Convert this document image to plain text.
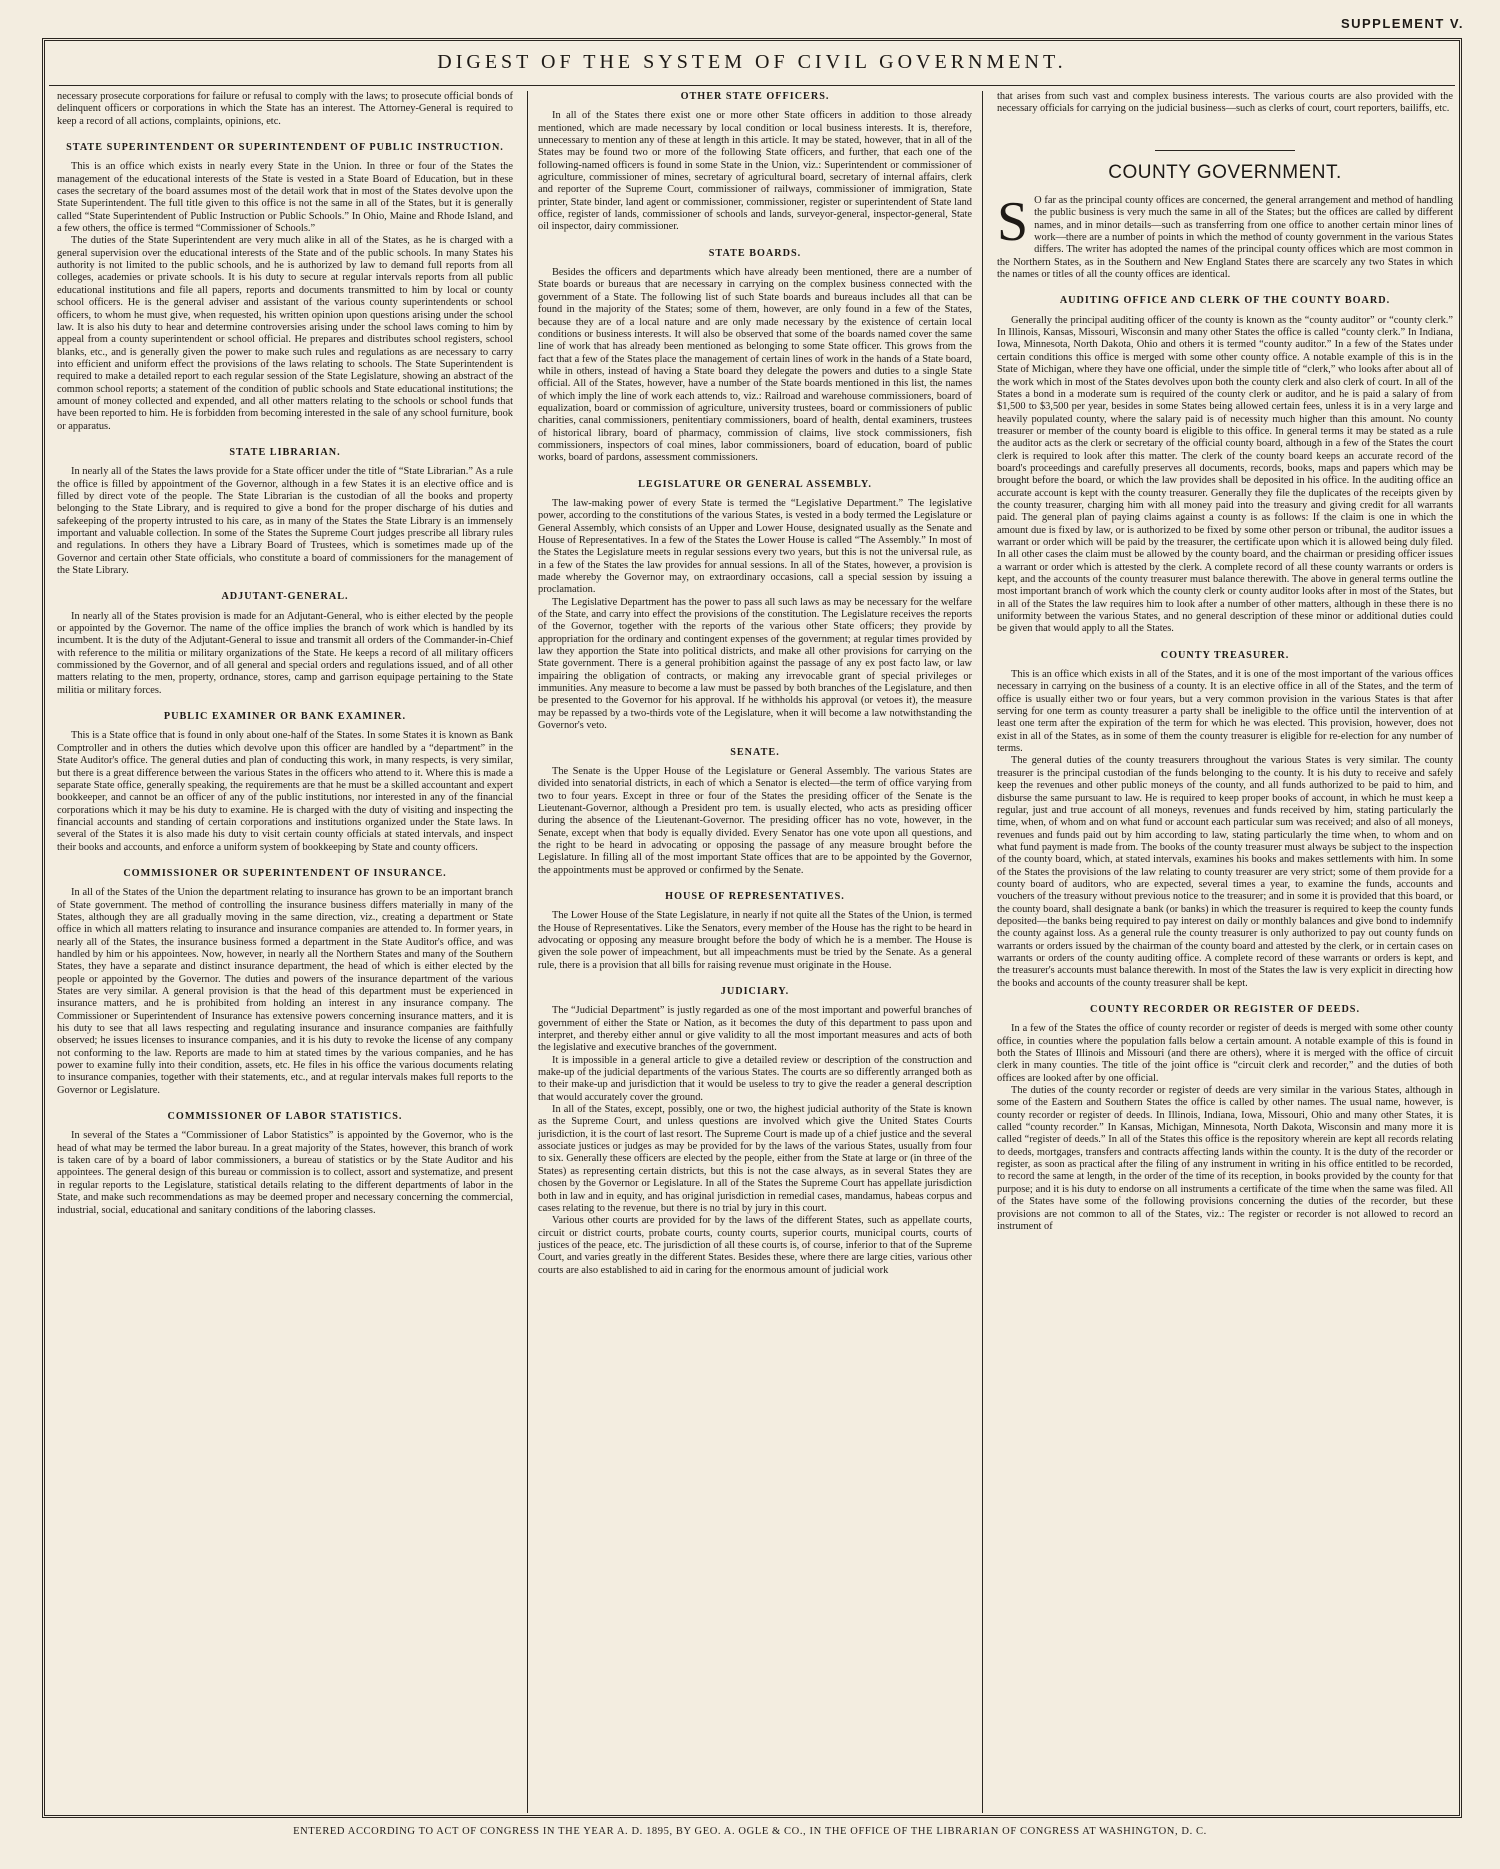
SUPPLEMENT V.
DIGEST OF THE SYSTEM OF CIVIL GOVERNMENT.

necessary prosecute corporations for failure or refusal to comply with the laws; to prosecute official bonds of delinquent officers or corporations in which the State has an interest. The Attorney-General is required to keep a record of all actions, complaints, opinions, etc.

STATE SUPERINTENDENT OR SUPERINTENDENT OF PUBLIC INSTRUCTION.

This is an office which exists in nearly every State in the Union. In three or four of the States the management of the educational interests of the State is vested in a State Board of Education, but in these cases the secretary of the board assumes most of the detail work that in most of the States devolve upon the State Superintendent. The full title given to this office is not the same in all of the States, but it is generally called “State Superintendent of Public Instruction or Public Schools.” In Ohio, Maine and Rhode Island, and a few others, the office is termed “Commissioner of Schools.”

The duties of the State Superintendent are very much alike in all of the States, as he is charged with a general supervision over the educational interests of the State and of the public schools. In many States his authority is not limited to the public schools, and he is authorized by law to demand full reports from all colleges, academies or private schools. It is his duty to secure at regular intervals reports from all public educational institutions and file all papers, reports and documents transmitted to him by local or county school officers. He is the general adviser and assistant of the various county superintendents or school officers, to whom he must give, when requested, his written opinion upon questions arising under the school law. It is also his duty to hear and determine controversies arising under the school laws coming to him by appeal from a county superintendent or school official. He prepares and distributes school registers, school blanks, etc., and is generally given the power to make such rules and regulations as are necessary to carry into efficient and uniform effect the provisions of the laws relating to schools. The State Superintendent is required to make a detailed report to each regular session of the State Legislature, showing an abstract of the common school reports; a statement of the condition of public schools and State educational institutions; the amount of money collected and expended, and all other matters relating to the schools or school funds that have been reported to him. He is forbidden from becoming interested in the sale of any school furniture, book or apparatus.

STATE LIBRARIAN.

In nearly all of the States the laws provide for a State officer under the title of “State Librarian.” As a rule the office is filled by appointment of the Governor, although in a few States it is an elective office and is filled by direct vote of the people. The State Librarian is the custodian of all the books and property belonging to the State Library, and is required to give a bond for the proper discharge of his duties and safekeeping of the property intrusted to his care, as in many of the States the State Library is an immensely important and valuable collection. In some of the States the Supreme Court judges prescribe all library rules and regulations. In others they have a Library Board of Trustees, which is sometimes made up of the Governor and certain other State officials, who constitute a board of commissioners for the management of the State Library.

ADJUTANT-GENERAL.

In nearly all of the States provision is made for an Adjutant-General, who is either elected by the people or appointed by the Governor. The name of the office implies the branch of work which is handled by its incumbent. It is the duty of the Adjutant-General to issue and transmit all orders of the Commander-in-Chief with reference to the militia or military organizations of the State. He keeps a record of all military officers commissioned by the Governor, and of all general and special orders and regulations issued, and of all other matters relating to the men, property, ordnance, stores, camp and garrison equipage pertaining to the State militia or military forces.

PUBLIC EXAMINER OR BANK EXAMINER.

This is a State office that is found in only about one-half of the States. In some States it is known as Bank Comptroller and in others the duties which devolve upon this officer are handled by a “department” in the State Auditor's office. The general duties and plan of conducting this work, in many respects, is very similar, but there is a great difference between the various States in the officers who attend to it. Where this is made a separate State office, generally speaking, the requirements are that he must be a skilled accountant and expert bookkeeper, and cannot be an officer of any of the public institutions, nor interested in any of the financial corporations which it may be his duty to examine. He is charged with the duty of visiting and inspecting the financial accounts and standing of certain corporations and institutions organized under the State laws. In several of the States it is also made his duty to visit certain county officials at stated intervals, and inspect their books and accounts, and enforce a uniform system of bookkeeping by State and county officers.

COMMISSIONER OR SUPERINTENDENT OF INSURANCE.

In all of the States of the Union the department relating to insurance has grown to be an important branch of State government. The method of controlling the insurance business differs materially in many of the States, although they are all gradually moving in the same direction, viz., creating a department or State office in which all matters relating to insurance and insurance companies are attended to. In former years, in nearly all of the States, the insurance business formed a department in the State Auditor's office, and was handled by him or his appointees. Now, however, in nearly all the Northern States and many of the Southern States, they have a separate and distinct insurance department, the head of which is either elected by the people or appointed by the Governor. The duties and powers of the insurance department of the various States are very similar. A general provision is that the head of this department must be experienced in insurance matters, and he is prohibited from holding an interest in any insurance company. The Commissioner or Superintendent of Insurance has extensive powers concerning insurance matters, and it is his duty to see that all laws respecting and regulating insurance and insurance companies are faithfully observed; he issues licenses to insurance companies, and it is his duty to revoke the license of any company not conforming to the law. Reports are made to him at stated times by the various companies, and he has power to examine fully into their condition, assets, etc. He files in his office the various documents relating to insurance companies, together with their statements, etc., and at regular intervals makes full reports to the Governor or Legislature.

COMMISSIONER OF LABOR STATISTICS.

In several of the States a “Commissioner of Labor Statistics” is appointed by the Governor, who is the head of what may be termed the labor bureau. In a great majority of the States, however, this branch of work is taken care of by a board of labor commissioners, a bureau of statistics or by the State Auditor and his appointees. The general design of this bureau or commission is to collect, assort and systematize, and present in regular reports to the Legislature, statistical details relating to the different departments of labor in the State, and make such recommendations as may be deemed proper and necessary concerning the commercial, industrial, social, educational and sanitary conditions of the laboring classes.

OTHER STATE OFFICERS.

In all of the States there exist one or more other State officers in addition to those already mentioned, which are made necessary by local condition or local business interests. It is, therefore, unnecessary to mention any of these at length in this article. It may be stated, however, that in all of the States may be found two or more of the following State officers, and further, that each one of the following-named officers is found in some State in the Union, viz.: Superintendent or commissioner of agriculture, commissioner of mines, secretary of agricultural board, secretary of internal affairs, clerk and reporter of the Supreme Court, commissioner of railways, commissioner of immigration, State printer, State binder, land agent or commissioner, commissioner, register or superintendent of State land office, register of lands, commissioner of schools and lands, surveyor-general, inspector-general, State oil inspector, dairy commissioner.

STATE BOARDS.

Besides the officers and departments which have already been mentioned, there are a number of State boards or bureaus that are necessary in carrying on the complex business connected with the government of a State. The following list of such State boards and bureaus includes all that can be found in the majority of the States; some of them, however, are only found in a few of the States, because they are of a local nature and are only made necessary by the existence of certain local conditions or business interests. It will also be observed that some of the boards named cover the same line of work that has already been mentioned as belonging to some State officer. This grows from the fact that a few of the States place the management of certain lines of work in the hands of a State board, while in others, instead of having a State board they delegate the powers and duties to a single State official. All of the States, however, have a number of the State boards mentioned in this list, the names of which imply the line of work each attends to, viz.: Railroad and warehouse commissioners, board of equalization, board or commission of agriculture, university trustees, board or commissioners of public charities, canal commissioners, penitentiary commissioners, board of health, dental examiners, trustees of historical library, board of pharmacy, commission of claims, live stock commissioners, fish commissioners, inspectors of coal mines, labor commissioners, board of education, board of public works, board of pardons, assessment commissioners.

LEGISLATURE OR GENERAL ASSEMBLY.

The law-making power of every State is termed the “Legislative Department.” The legislative power, according to the constitutions of the various States, is vested in a body termed the Legislature or General Assembly, which consists of an Upper and Lower House, designated usually as the Senate and House of Representatives. In a few of the States the Lower House is called “The Assembly.” In most of the States the Legislature meets in regular sessions every two years, but this is not the universal rule, as in a few of the States the law provides for annual sessions. In all of the States, however, a provision is made whereby the Governor may, on extraordinary occasions, call a special session by issuing a proclamation.

The Legislative Department has the power to pass all such laws as may be necessary for the welfare of the State, and carry into effect the provisions of the constitution. The Legislature receives the reports of the Governor, together with the reports of the various other State officers; they provide by appropriation for the ordinary and contingent expenses of the government; at regular times provided by law they apportion the State into political districts, and make all other provisions for carrying on the State government. There is a general prohibition against the passage of any ex post facto law, or law impairing the obligation of contracts, or making any irrevocable grant of special privileges or immunities. Any measure to become a law must be passed by both branches of the Legislature, and then be presented to the Governor for his approval. If he withholds his approval (or vetoes it), the measure may be repassed by a two-thirds vote of the Legislature, when it will become a law notwithstanding the Governor's veto.

SENATE.

The Senate is the Upper House of the Legislature or General Assembly. The various States are divided into senatorial districts, in each of which a Senator is elected—the term of office varying from two to four years. Except in three or four of the States the presiding officer of the Senate is the Lieutenant-Governor, although a President pro tem. is usually elected, who acts as presiding officer during the absence of the Lieutenant-Governor. The presiding officer has no vote, however, in the Senate, except when that body is equally divided. Every Senator has one vote upon all questions, and the right to be heard in advocating or opposing the passage of any measure brought before the Legislature. In filling all of the most important State offices that are to be appointed by the Governor, the appointments must be approved or confirmed by the Senate.

HOUSE OF REPRESENTATIVES.

The Lower House of the State Legislature, in nearly if not quite all the States of the Union, is termed the House of Representatives. Like the Senators, every member of the House has the right to be heard in advocating or opposing any measure brought before the body of which he is a member. The House is given the sole power of impeachment, but all impeachments must be tried by the Senate. As a general rule, there is a provision that all bills for raising revenue must originate in the House.

JUDICIARY.

The “Judicial Department” is justly regarded as one of the most important and powerful branches of government of either the State or Nation, as it becomes the duty of this department to pass upon and interpret, and thereby either annul or give validity to all the most important measures and acts of both the legislative and executive branches of the government.

It is impossible in a general article to give a detailed review or description of the construction and make-up of the judicial departments of the various States. The courts are so differently arranged both as to their make-up and jurisdiction that it would be useless to try to give the reader a general description that would accurately cover the ground.

In all of the States, except, possibly, one or two, the highest judicial authority of the State is known as the Supreme Court, and unless questions are involved which give the United States Courts jurisdiction, it is the court of last resort. The Supreme Court is made up of a chief justice and the several associate justices or judges as may be provided for by the laws of the various States, usually from four to six. Generally these officers are elected by the people, either from the State at large or (in three of the States) as representing certain districts, but this is not the case always, as in several States they are chosen by the Governor or Legislature. In all of the States the Supreme Court has appellate jurisdiction both in law and in equity, and has original jurisdiction in remedial cases, mandamus, habeas corpus and cases relating to the revenue, but there is no trial by jury in this court.

Various other courts are provided for by the laws of the different States, such as appellate courts, circuit or district courts, probate courts, county courts, superior courts, municipal courts, courts of justices of the peace, etc. The jurisdiction of all these courts is, of course, inferior to that of the Supreme Court, and varies greatly in the different States. Besides these, where there are large cities, various other courts are also established to aid in caring for the enormous amount of judicial work

that arises from such vast and complex business interests. The various courts are also provided with the necessary officials for carrying on the judicial business—such as clerks of court, court reporters, bailiffs, etc.

COUNTY GOVERNMENT.

S O far as the principal county offices are concerned, the general arrangement and method of handling the public business is very much the same in all of the States; but the offices are called by different names, and in minor details—such as transferring from one office to another certain minor lines of work—there are a number of points in which the method of county government in the various States differs. The writer has adopted the names of the principal county offices which are most common in the Northern States, as in the Southern and New England States there are scarcely any two States in which the names or titles of all the county offices are identical.

AUDITING OFFICE AND CLERK OF THE COUNTY BOARD.

Generally the principal auditing officer of the county is known as the “county auditor” or “county clerk.” In Illinois, Kansas, Missouri, Wisconsin and many other States the office is called “county clerk.” In Indiana, Iowa, Minnesota, North Dakota, Ohio and others it is termed “county auditor.” In a few of the States under certain conditions this office is merged with some other county office. A notable example of this is in the State of Michigan, where they have one official, under the simple title of “clerk,” who looks after about all of the work which in most of the States devolves upon both the county clerk and also clerk of court. In all of the States a bond in a moderate sum is required of the county clerk or auditor, and he is paid a salary of from $1,500 to $3,500 per year, besides in some States being allowed certain fees, unless it is in a very large and heavily populated county, where the salary paid is of necessity much higher than this amount. No county treasurer or member of the county board is eligible to this office. In general terms it may be stated as a rule the auditor acts as the clerk or secretary of the official county board, although in a few of the States the court clerk is required to look after this matter. The clerk of the county board keeps an accurate record of the board's proceedings and carefully preserves all documents, records, books, maps and papers which may be brought before the board, or which the law provides shall be deposited in his office. In the auditing office an accurate account is kept with the county treasurer. Generally they file the duplicates of the receipts given by the county treasurer, charging him with all money paid into the treasury and giving credit for all warrants paid. The general plan of paying claims against a county is as follows: If the claim is one in which the amount due is fixed by law, or is authorized to be fixed by some other person or tribunal, the auditor issues a warrant or order which will be paid by the treasurer, the certificate upon which it is allowed being duly filed. In all other cases the claim must be allowed by the county board, and the chairman or presiding officer issues a warrant or order which is attested by the clerk. A complete record of all these county warrants or orders is kept, and the accounts of the county treasurer must balance therewith. The above in general terms outline the most important branch of work which the county clerk or county auditor looks after in most of the States, but in all of the States the law requires him to look after a number of other matters, although in these there is no uniformity between the various States, and no general description of these minor or additional duties could be given that would apply to all the States.

COUNTY TREASURER.

This is an office which exists in all of the States, and it is one of the most important of the various offices necessary in carrying on the business of a county. It is an elective office in all of the States, and the term of office is usually either two or four years, but a very common provision in the various States is that after serving for one term as county treasurer a party shall be ineligible to the office until the intervention of at least one term after the expiration of the term for which he was elected. This provision, however, does not exist in all of the States, as in some of them the county treasurer is eligible for re-election for any number of terms.

The general duties of the county treasurers throughout the various States is very similar. The county treasurer is the principal custodian of the funds belonging to the county. It is his duty to receive and safely keep the revenues and other public moneys of the county, and all funds authorized to be paid to him, and disburse the same pursuant to law. He is required to keep proper books of account, in which he must keep a regular, just and true account of all moneys, revenues and funds received by him, stating particularly the time, when, of whom and on what fund or account each particular sum was received; and also of all moneys, revenues and funds paid out by him according to law, stating particularly the time when, to whom and on what fund payment is made from. The books of the county treasurer must always be subject to the inspection of the county board, which, at stated intervals, examines his books and makes settlements with him. In some of the States the provisions of the law relating to county treasurer are very strict; some of them provide for a county board of auditors, who are expected, several times a year, to examine the funds, accounts and vouchers of the treasury without previous notice to the treasurer; and in some it is provided that this board, or the county board, shall designate a bank (or banks) in which the treasurer is required to keep the county funds deposited—the banks being required to pay interest on daily or monthly balances and give bond to indemnify the county against loss. As a general rule the county treasurer is only authorized to pay out county funds on warrants or orders issued by the chairman of the county board and attested by the clerk, or in certain cases on warrants or orders of the county auditing office. A complete record of these warrants or orders is kept, and the treasurer's accounts must balance therewith. In most of the States the law is very explicit in directing how the books and accounts of the county treasurer shall be kept.

COUNTY RECORDER OR REGISTER OF DEEDS.

In a few of the States the office of county recorder or register of deeds is merged with some other county office, in counties where the population falls below a certain amount. A notable example of this is found in both the States of Illinois and Missouri (and there are others), where it is merged with the office of circuit clerk in many counties. The title of the joint office is “circuit clerk and recorder,” and the duties of both offices are looked after by one official.

The duties of the county recorder or register of deeds are very similar in the various States, although in some of the Eastern and Southern States the office is called by other names. The usual name, however, is county recorder or register of deeds. In Illinois, Indiana, Iowa, Missouri, Ohio and many other States, it is called “county recorder.” In Kansas, Michigan, Minnesota, North Dakota, Wisconsin and many more it is called “register of deeds.” In all of the States this office is the repository wherein are kept all records relating to deeds, mortgages, transfers and contracts affecting lands within the county. It is the duty of the recorder or register, as soon as practical after the filing of any instrument in writing in his office entitled to be recorded, to record the same at length, in the order of the time of its reception, in books provided by the county for that purpose; and it is his duty to endorse on all instruments a certificate of the time when the same was filed. All of the States have some of the following provisions concerning the duties of the recorder, but these provisions are not common to all of the States, viz.: The register or recorder is not allowed to record an instrument of

ENTERED ACCORDING TO ACT OF CONGRESS IN THE YEAR A. D. 1895, BY GEO. A. OGLE & CO., IN THE OFFICE OF THE LIBRARIAN OF CONGRESS AT WASHINGTON, D. C.
